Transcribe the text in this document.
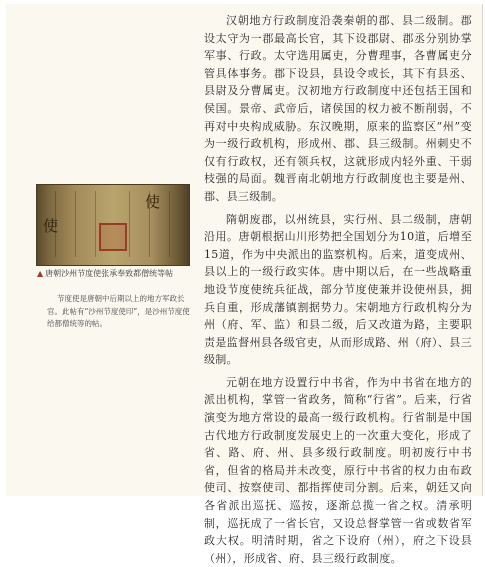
汉朝地方行政制度沿袭秦朝的郡、县二级制。郡设太守为一郡最高长官，其下设郡尉、郡丞分别协掌军事、行政。太守选用属吏，分曹理事，各曹属吏分管具体事务。郡下设县，县设令或长，其下有县丞、县尉及分曹属吏。汉初地方行政制度中还包括王国和侯国。景帝、武帝后，诸侯国的权力被不断削弱，不再对中央构成威胁。东汉晚期，原来的监察区“州”变为一级行政机构，形成州、郡、县三级制。州刺史不仅有行政权，还有领兵权，这就形成内轻外重、干弱枝强的局面。魏晋南北朝地方行政制度也主要是州、郡、县三级制。

隋朝废郡，以州统县，实行州、县二级制，唐朝沿用。唐朝根据山川形势把全国划分为10道，后增至15道，作为中央派出的监察机构。后来，道变成州、县以上的一级行政实体。唐中期以后，在一些战略重地设节度使统兵征战，部分节度使兼并设使州县，拥兵自重，形成藩镇割据势力。宋朝地方行政机构分为州（府、军、监）和县二级，后又改道为路，主要职责是监督州县各级官吏，从而形成路、州（府）、县三级制。

元朝在地方设置行中书省，作为中书省在地方的派出机构，掌管一省政务，简称“行省”。后来，行省演变为地方常设的最高一级行政机构。行省制是中国古代地方行政制度发展史上的一次重大变化，形成了省、路、府、州、县多级行政制度。明初废行中书省，但省的格局并未改变，原行中书省的权力由布政使司、按察使司、都指挥使司分割。后来，朝廷又向各省派出巡抚、巡按，逐渐总揽一省之权。清承明制，巡抚成了一省长官，又设总督掌管一省或数省军政大权。明清时期，省之下设府（州），府之下设县（州），形成省、府、县三级行政制度。

使
使
▲ 唐朝沙州节度使张承奉致都僧统等帖
节度使是唐朝中后期以上的地方军政长官。此帖有“沙州节度使印”，是沙州节度使给都僧统等的帖。
